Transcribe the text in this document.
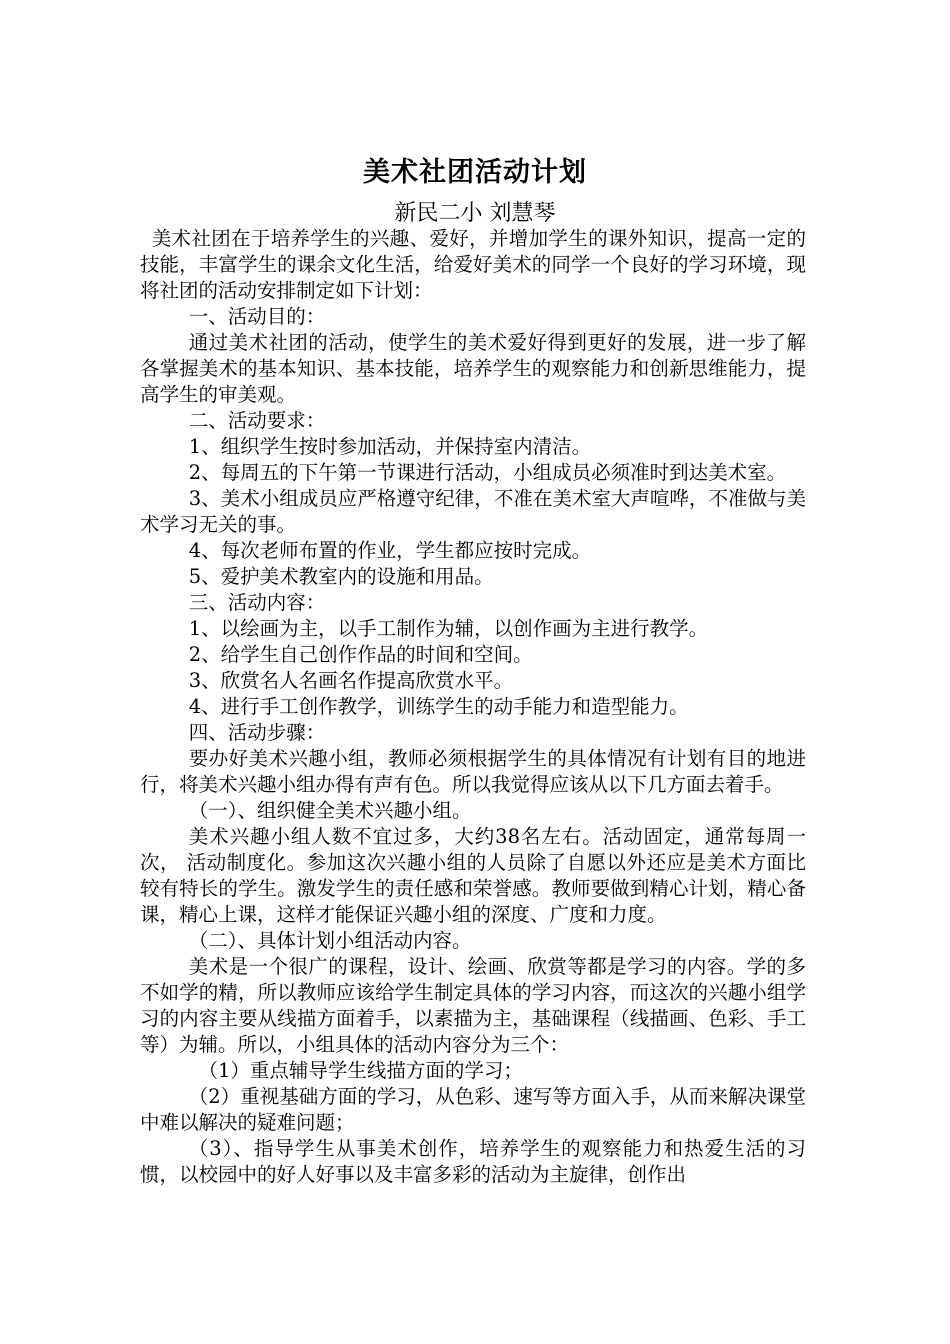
美术社团活动计划
新民二小 刘慧琴

美术社团在于培养学生的兴趣、爱好，并增加学生的课外知识，提高一定的技能，丰富学生的课余文化生活，给爱好美术的同学一个良好的学习环境，现将社团的活动安排制定如下计划：

一、活动目的：

通过美术社团的活动，使学生的美术爱好得到更好的发展，进一步了解各掌握美术的基本知识、基本技能，培养学生的观察能力和创新思维能力，提高学生的审美观。

二、活动要求：

1、组织学生按时参加活动，并保持室内清洁。

2、每周五的下午第一节课进行活动，小组成员必须准时到达美术室。

3、美术小组成员应严格遵守纪律，不准在美术室大声喧哗，不准做与美术学习无关的事。

4、每次老师布置的作业，学生都应按时完成。

5、爱护美术教室内的设施和用品。

三、活动内容：

1、以绘画为主，以手工制作为辅，以创作画为主进行教学。

2、给学生自己创作作品的时间和空间。

3、欣赏名人名画名作提高欣赏水平。

4、进行手工创作教学，训练学生的动手能力和造型能力。

四、活动步骤：

要办好美术兴趣小组，教师必须根据学生的具体情况有计划有目的地进行，将美术兴趣小组办得有声有色。所以我觉得应该从以下几方面去着手。

（一）、组织健全美术兴趣小组。

美术兴趣小组人数不宜过多，大约38名左右。活动固定，通常每周一次， 活动制度化。参加这次兴趣小组的人员除了自愿以外还应是美术方面比较有特长的学生。激发学生的责任感和荣誉感。教师要做到精心计划，精心备课，精心上课，这样才能保证兴趣小组的深度、广度和力度。

（二）、具体计划小组活动内容。

美术是一个很广的课程，设计、绘画、欣赏等都是学习的内容。学的多不如学的精，所以教师应该给学生制定具体的学习内容，而这次的兴趣小组学习的内容主要从线描方面着手，以素描为主，基础课程（线描画、色彩、手工等）为辅。所以，小组具体的活动内容分为三个：

（1）重点辅导学生线描方面的学习；

（2）重视基础方面的学习，从色彩、速写等方面入手，从而来解决课堂中难以解决的疑难问题；

（3）、指导学生从事美术创作，培养学生的观察能力和热爱生活的习惯，以校园中的好人好事以及丰富多彩的活动为主旋律，创作出
